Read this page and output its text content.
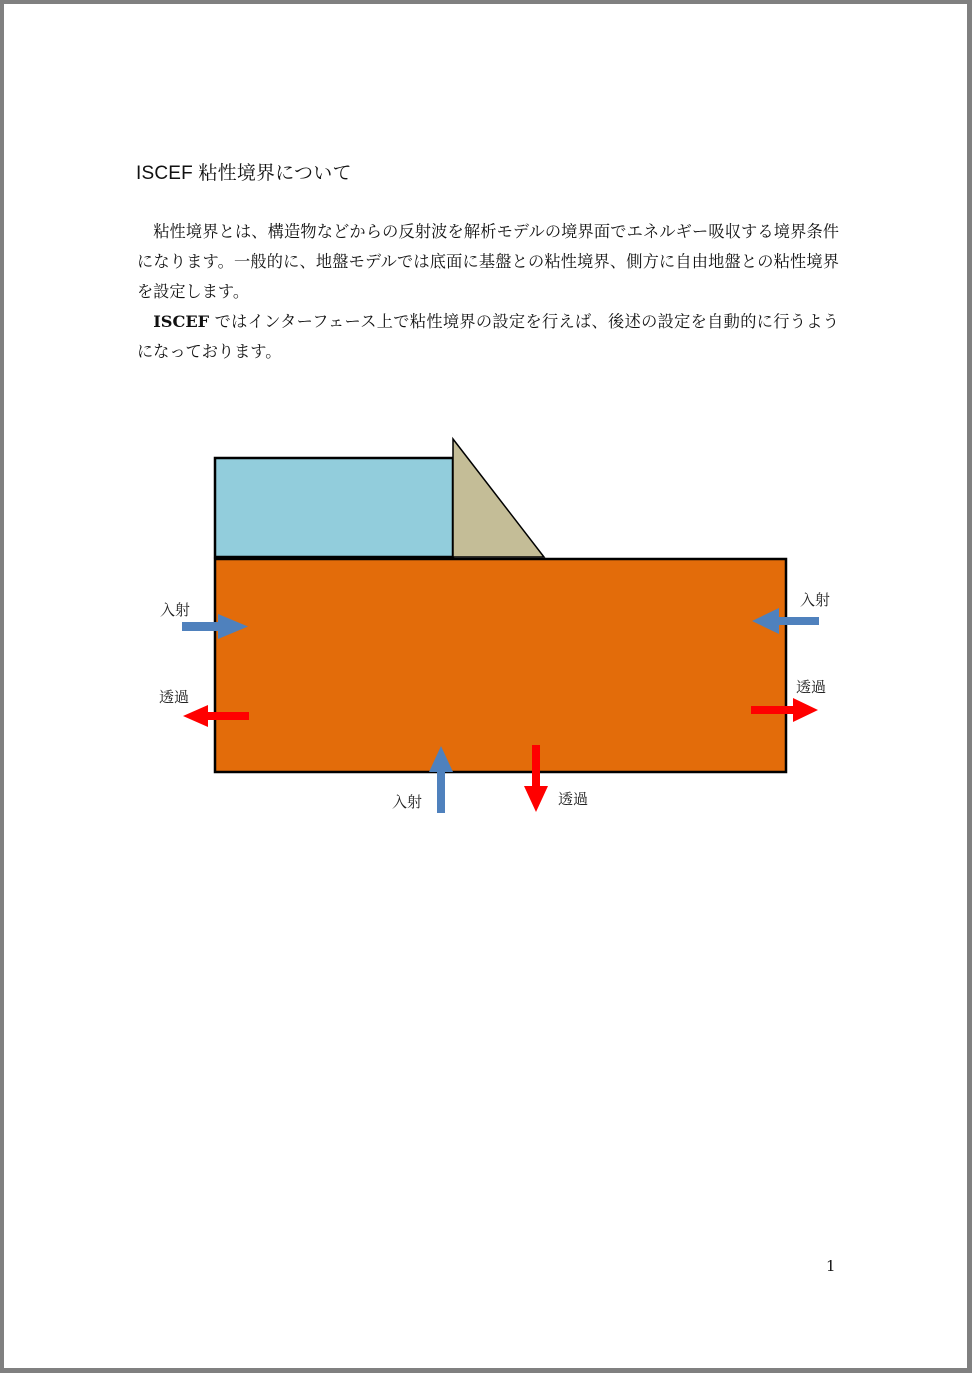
ISCEF 粘性境界について

粘性境界とは、構造物などからの反射波を解析モデルの境界面でエネルギー吸収する境界条件になります。一般的に、地盤モデルでは底面に基盤との粘性境界、側方に自由地盤との粘性境界を設定します。

ISCEF ではインターフェース上で粘性境界の設定を行えば、後述の設定を自動的に行うようになっております。

入射
透過
入射
透過
入射	透過
1
